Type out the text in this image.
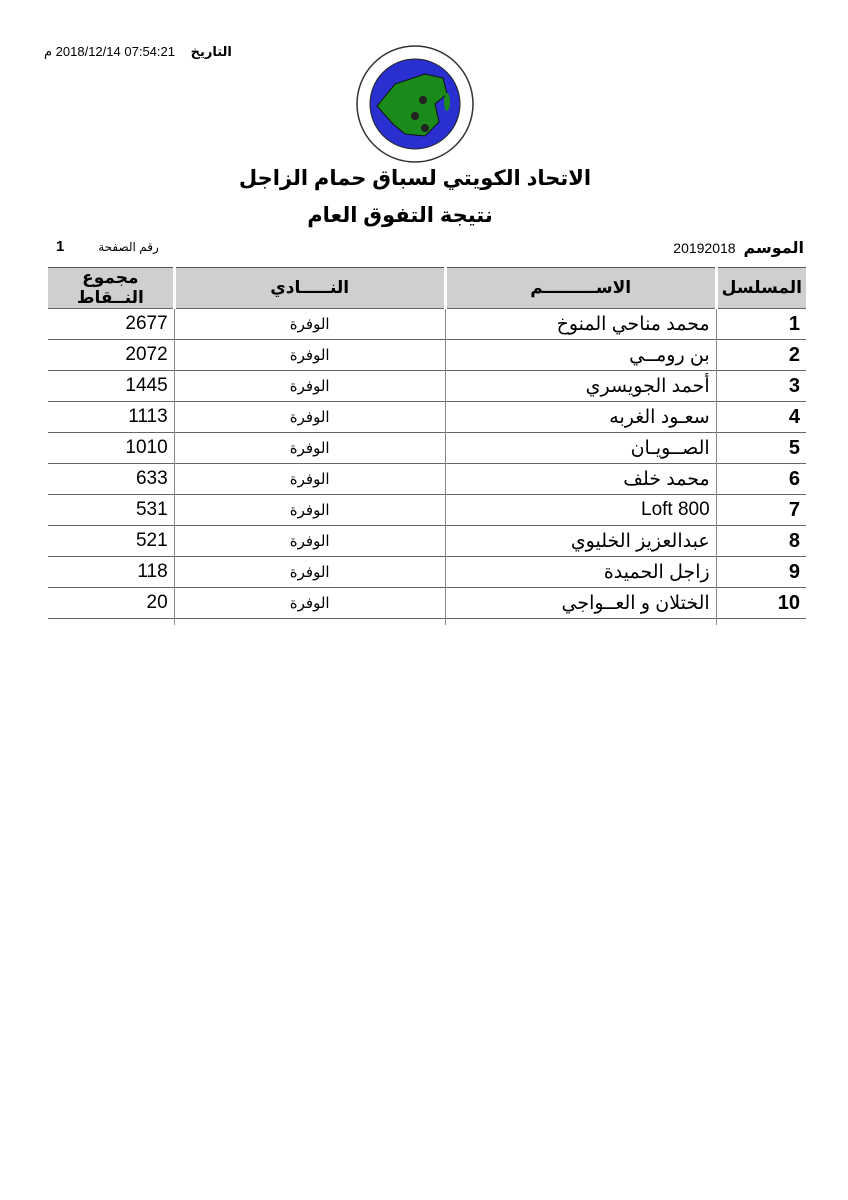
التاريخ 07:54:21 2018/12/14 م
الاتحاد الكويتي لسباق حمام الزاجل
نتيجة التفوق العام
الموسم 20192018
رقم الصفحة 1
المسلسل	الاســـــــــم	النـــــادي	مجموع النــقاط
1	محمد مناحي المنوخ	الوفرة	2677
2	بن رومــي	الوفرة	2072
3	أحمد الجويسري	الوفرة	1445
4	سعـود الغربه	الوفرة	1113
5	الصــويـان	الوفرة	1010
6	محمد خلف	الوفرة	633
7	Loft 800	الوفرة	531
8	عبدالعزيز الخليوي	الوفرة	521
9	زاجل الحميدة	الوفرة	118
10	الختلان و العــواجي	الوفرة	20
